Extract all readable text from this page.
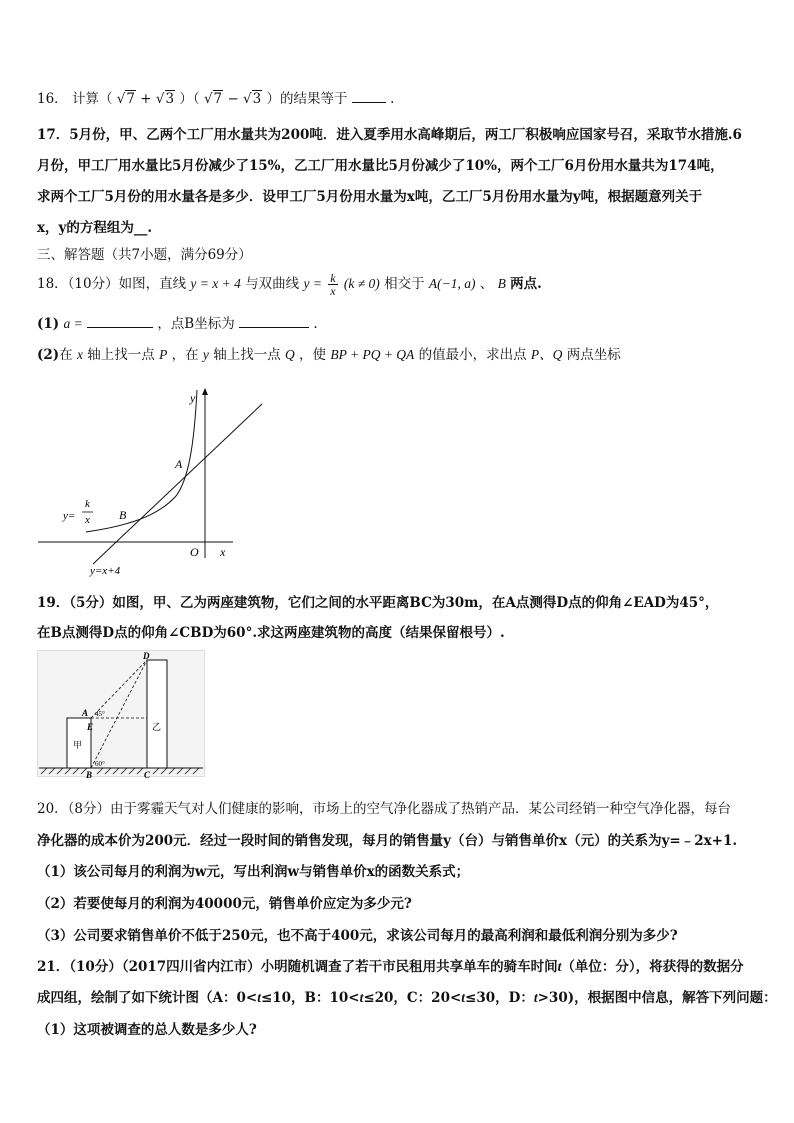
16． 计算（ √7 + √3 ）（ √7 − √3 ）的结果等于	.
17．5月份，甲、乙两个工厂用水量共为200吨．进入夏季用水高峰期后，两工厂积极响应国家号召，采取节水措施.6
月份，甲工厂用水量比5月份减少了15%，乙工厂用水量比5月份减少了10%，两个工厂6月份用水量共为174吨，
求两个工厂5月份的用水量各是多少．设甲工厂5月份用水量为x吨，乙工厂5月份用水量为y吨，根据题意列关于
x，y的方程组为__.
三、解答题（共7小题，满分69分）
18．（10分）如图，直线 y = x + 4 与双曲线 $y = \frac{k}{x} (k \ne 0)$ 相交于 A(−1, a) 、 B 两点.
(1) a =	，点B坐标为	.
(2)在 x 轴上找一点 P ，在 y 轴上找一点 Q ，使 BP + PQ + QA 的值最小，求出点 P、Q 两点坐标
y
x
O
A
B
y=
k
x
y=x+4
19．（5分）如图，甲、乙为两座建筑物，它们之间的水平距离BC为30m，在A点测得D点的仰角∠EAD为45°，
在B点测得D点的仰角∠CBD为60°.求这两座建筑物的高度（结果保留根号）.
甲
乙
D
A 45°
E
60°
B	C
20．（8分）由于雾霾天气对人们健康的影响，市场上的空气净化器成了热销产品．某公司经销一种空气净化器，每台
净化器的成本价为200元．经过一段时间的销售发现，每月的销售量y（台）与销售单价x（元）的关系为y=﹣2x+1.
（1）该公司每月的利润为w元，写出利润w与销售单价x的函数关系式；
（2）若要使每月的利润为40000元，销售单价应定为多少元?
（3）公司要求销售单价不低于250元，也不高于400元，求该公司每月的最高利润和最低利润分别为多少?
21．（10分）（2017四川省内江市）小明随机调查了若干市民租用共享单车的骑车时间t（单位：分），将获得的数据分
成四组，绘制了如下统计图（A：0<t≤10，B：10<t≤20，C：20<t≤30，D：t>30)，根据图中信息，解答下列问题：
（1）这项被调查的总人数是多少人?
